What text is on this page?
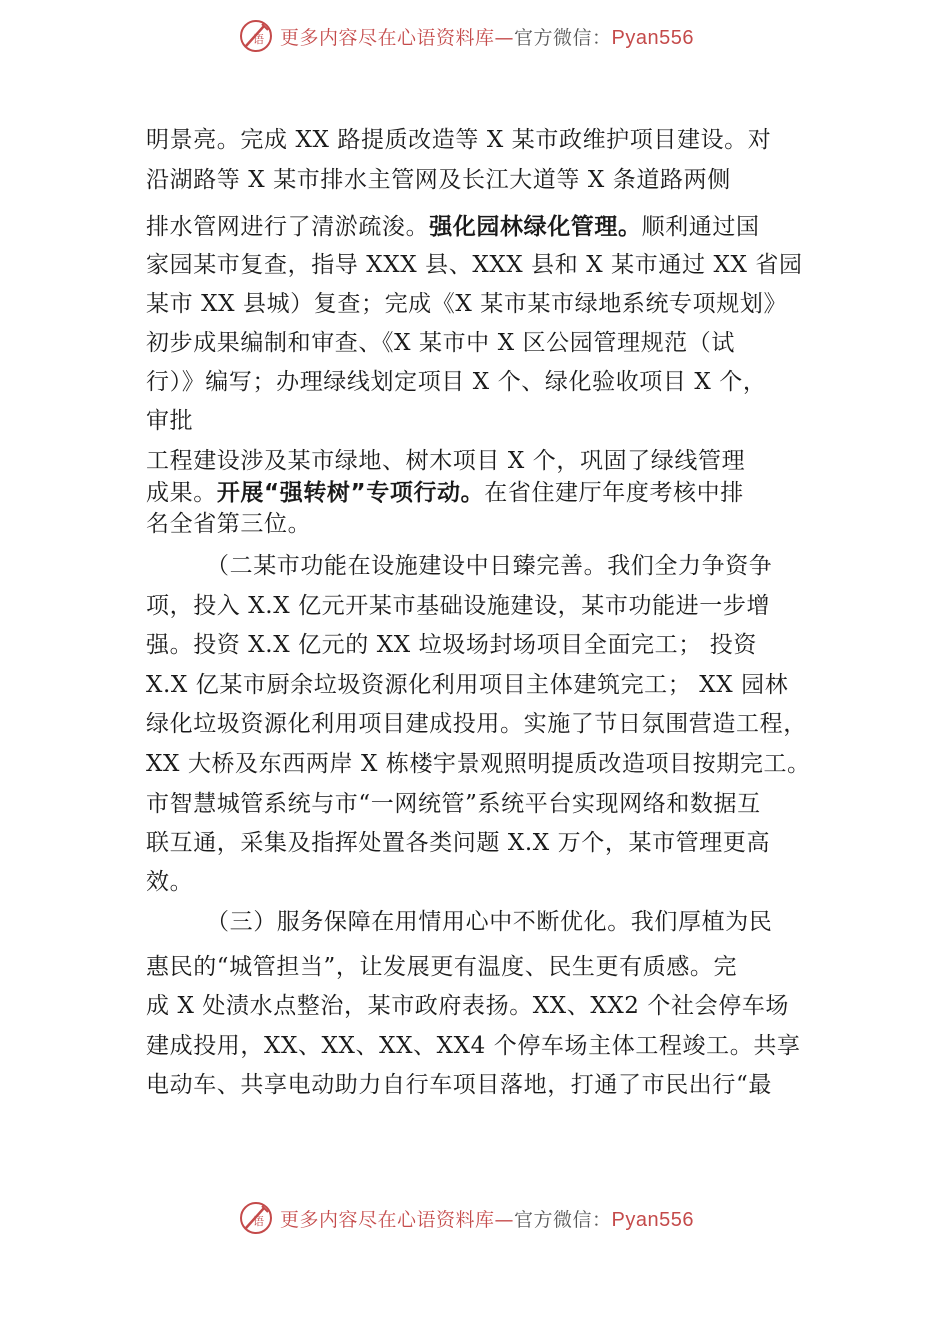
语 更多内容尽在心语资料库—官方微信：Pyan556
明景亮。完成 XX 路提质改造等 X 某市政维护项目建设。对
沿湖路等 X 某市排水主管网及长江大道等 X 条道路两侧
排水管网进行了清淤疏浚。强化园林绿化管理。顺利通过国
家园某市复查，指导 XXX 县、XXX 县和 X 某市通过 XX 省园
某市 XX 县城）复查；完成《X 某市某市绿地系统专项规划》
初步成果编制和审查、《X 某市中 X 区公园管理规范（试
行）》编写；办理绿线划定项目 X 个、绿化验收项目 X 个，
审批
工程建设涉及某市绿地、树木项目 X 个，巩固了绿线管理
成果。开展“强转树”专项行动。在省住建厅年度考核中排
名全省第三位。
（二某市功能在设施建设中日臻完善。我们全力争资争
项，投入 X.X 亿元开某市基础设施建设，某市功能进一步增
强。投资 X.X 亿元的 XX 垃圾场封场项目全面完工； 投资
X.X 亿某市厨余垃圾资源化利用项目主体建筑完工； XX 园林
绿化垃圾资源化利用项目建成投用。实施了节日氛围营造工程，
XX 大桥及东西两岸 X 栋楼宇景观照明提质改造项目按期完工。
市智慧城管系统与市“一网统管”系统平台实现网络和数据互
联互通，采集及指挥处置各类问题 X.X 万个，某市管理更高
效。
（三）服务保障在用情用心中不断优化。我们厚植为民
惠民的“城管担当”，让发展更有温度、民生更有质感。完
成 X 处渍水点整治，某市政府表扬。XX、XX2 个社会停车场
建成投用，XX、XX、XX、XX4 个停车场主体工程竣工。共享
电动车、共享电动助力自行车项目落地，打通了市民出行“最
语 更多内容尽在心语资料库—官方微信：Pyan556
